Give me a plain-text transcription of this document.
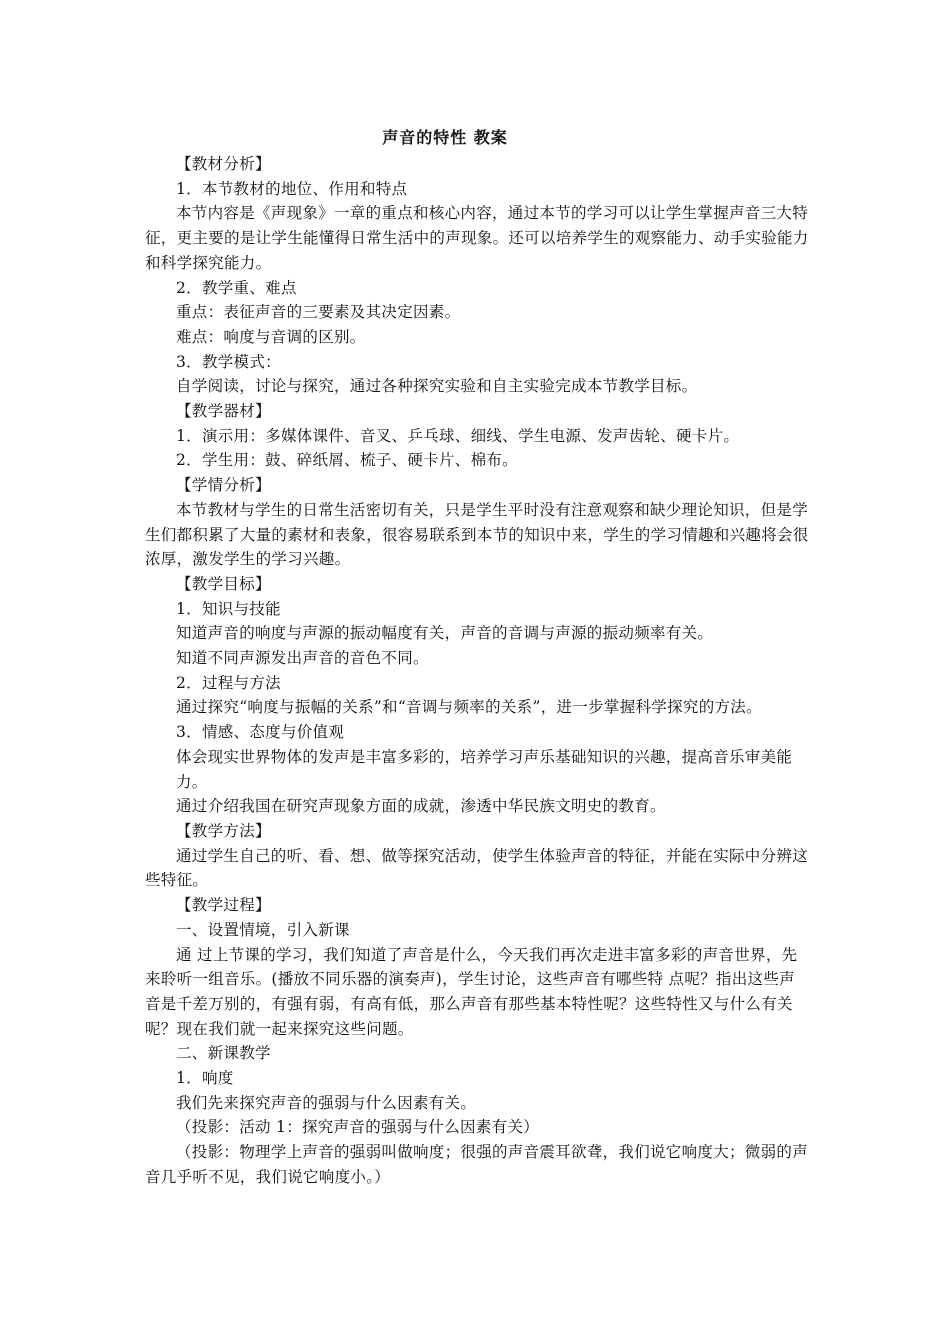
声音的特性 教案

【教材分析】

1．本节教材的地位、作用和特点

本节内容是《声现象》一章的重点和核心内容，通过本节的学习可以让学生掌握声音三大特征，更主要的是让学生能懂得日常生活中的声现象。还可以培养学生的观察能力、动手实验能力和科学探究能力。

2．教学重、难点

重点：表征声音的三要素及其决定因素。

难点：响度与音调的区别。

3．教学模式：

自学阅读，讨论与探究，通过各种探究实验和自主实验完成本节教学目标。

【教学器材】

1．演示用：多媒体课件、音叉、乒乓球、细线、学生电源、发声齿轮、硬卡片。

2．学生用：鼓、碎纸屑、梳子、硬卡片、棉布。

【学情分析】

本节教材与学生的日常生活密切有关，只是学生平时没有注意观察和缺少理论知识，但是学生们都积累了大量的素材和表象，很容易联系到本节的知识中来，学生的学习情趣和兴趣将会很浓厚，激发学生的学习兴趣。

【教学目标】

1．知识与技能

知道声音的响度与声源的振动幅度有关，声音的音调与声源的振动频率有关。

知道不同声源发出声音的音色不同。

2．过程与方法

通过探究“响度与振幅的关系”和“音调与频率的关系”，进一步掌握科学探究的方法。

3．情感、态度与价值观

体会现实世界物体的发声是丰富多彩的，培养学习声乐基础知识的兴趣，提高音乐审美能力。

通过介绍我国在研究声现象方面的成就，渗透中华民族文明史的教育。

【教学方法】

通过学生自己的听、看、想、做等探究活动，使学生体验声音的特征，并能在实际中分辨这些特征。

【教学过程】

一、设置情境，引入新课

通 过上节课的学习，我们知道了声音是什么，今天我们再次走进丰富多彩的声音世界，先来聆听一组音乐。(播放不同乐器的演奏声)，学生讨论，这些声音有哪些特 点呢？指出这些声音是千差万别的，有强有弱，有高有低，那么声音有那些基本特性呢？这些特性又与什么有关呢？现在我们就一起来探究这些问题。

二、新课教学

1．响度

我们先来探究声音的强弱与什么因素有关。

（投影：活动 1：探究声音的强弱与什么因素有关）

（投影：物理学上声音的强弱叫做响度；很强的声音震耳欲聋，我们说它响度大；微弱的声音几乎听不见，我们说它响度小。）
